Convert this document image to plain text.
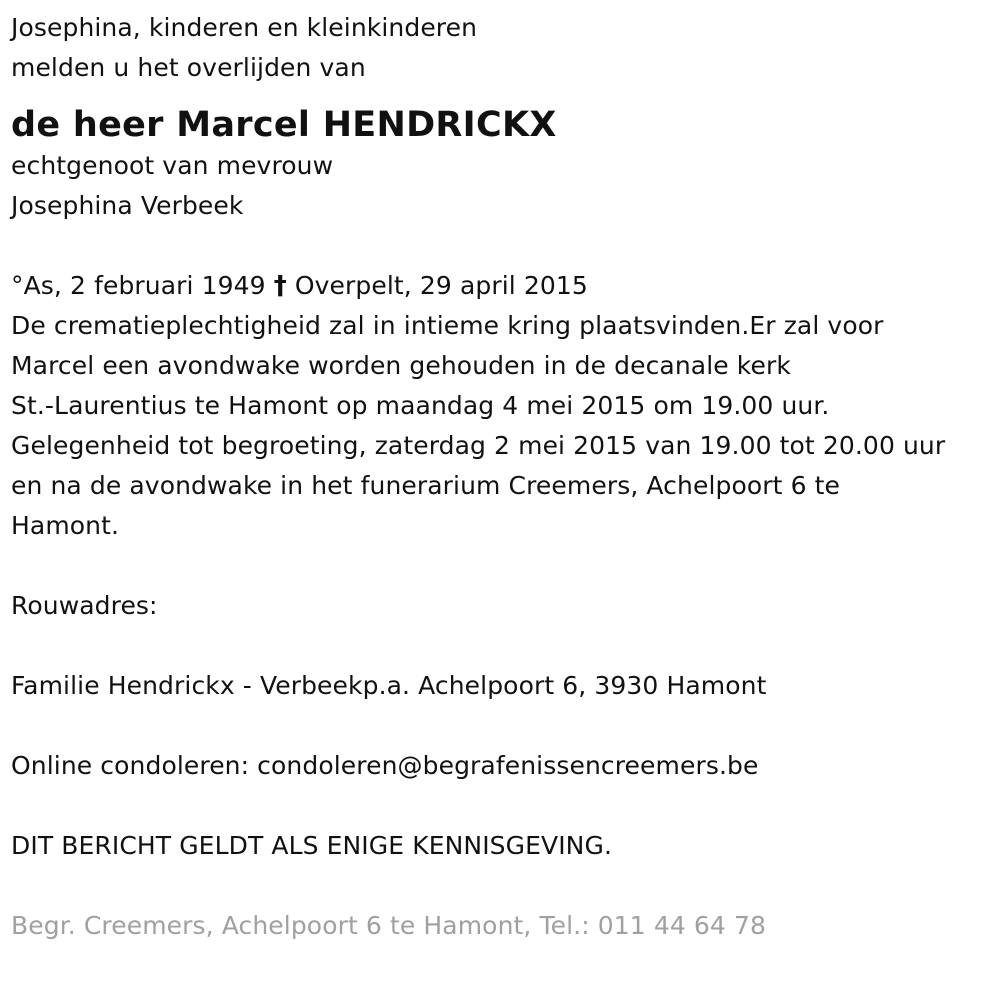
Josephina, kinderen en kleinkinderen
melden u het overlijden van
de heer Marcel HENDRICKX
echtgenoot van mevrouw
Josephina Verbeek
°As, 2 februari 1949 † Overpelt, 29 april 2015
De crematieplechtigheid zal in intieme kring plaatsvinden.Er zal voor
Marcel een avondwake worden gehouden in de decanale kerk
St.-Laurentius te Hamont op maandag 4 mei 2015 om 19.00 uur.
Gelegenheid tot begroeting, zaterdag 2 mei 2015 van 19.00 tot 20.00 uur
en na de avondwake in het funerarium Creemers, Achelpoort 6 te
Hamont.
Rouwadres:
Familie Hendrickx - Verbeekp.a. Achelpoort 6, 3930 Hamont
Online condoleren: condoleren@begrafenissencreemers.be
DIT BERICHT GELDT ALS ENIGE KENNISGEVING.
Begr. Creemers, Achelpoort 6 te Hamont, Tel.: 011 44 64 78
